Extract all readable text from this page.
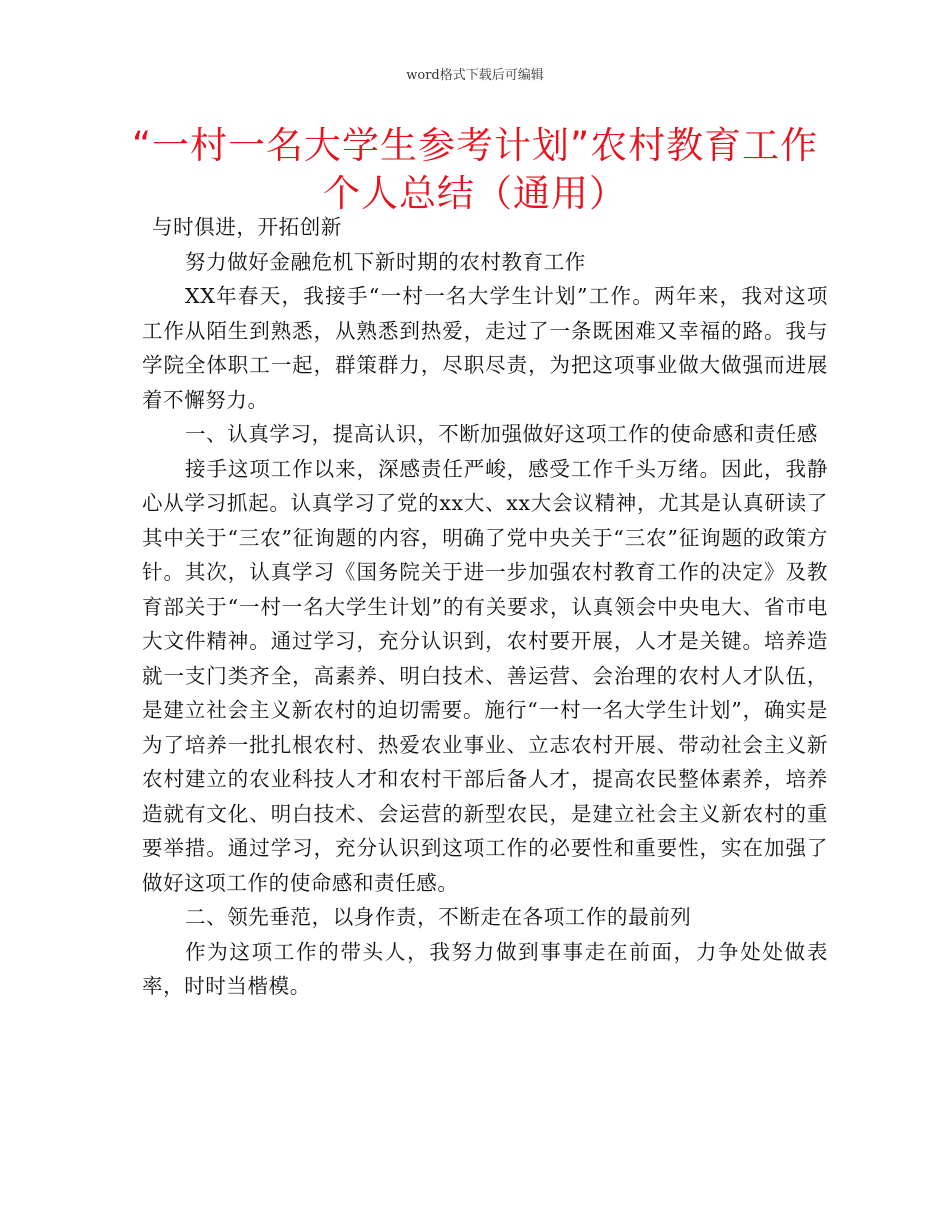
word格式下载后可编辑
“一村一名大学生参考计划”农村教育工作个人总结（通用）

与时俱进，开拓创新

努力做好金融危机下新时期的农村教育工作

XX年春天，我接手“一村一名大学生计划”工作。两年来，我对这项工作从陌生到熟悉，从熟悉到热爱，走过了一条既困难又幸福的路。我与学院全体职工一起，群策群力，尽职尽责，为把这项事业做大做强而进展着不懈努力。

一、认真学习，提高认识，不断加强做好这项工作的使命感和责任感

接手这项工作以来，深感责任严峻，感受工作千头万绪。因此，我静心从学习抓起。认真学习了党的xx大、xx大会议精神，尤其是认真研读了其中关于“三农”征询题的内容，明确了党中央关于“三农”征询题的政策方针。其次，认真学习《国务院关于进一步加强农村教育工作的决定》及教育部关于“一村一名大学生计划”的有关要求，认真领会中央电大、省市电大文件精神。通过学习，充分认识到，农村要开展，人才是关键。培养造就一支门类齐全，高素养、明白技术、善运营、会治理的农村人才队伍，是建立社会主义新农村的迫切需要。施行“一村一名大学生计划”，确实是为了培养一批扎根农村、热爱农业事业、立志农村开展、带动社会主义新农村建立的农业科技人才和农村干部后备人才，提高农民整体素养，培养造就有文化、明白技术、会运营的新型农民，是建立社会主义新农村的重要举措。通过学习，充分认识到这项工作的必要性和重要性，实在加强了做好这项工作的使命感和责任感。

二、领先垂范，以身作责，不断走在各项工作的最前列

作为这项工作的带头人，我努力做到事事走在前面，力争处处做表率，时时当楷模。
